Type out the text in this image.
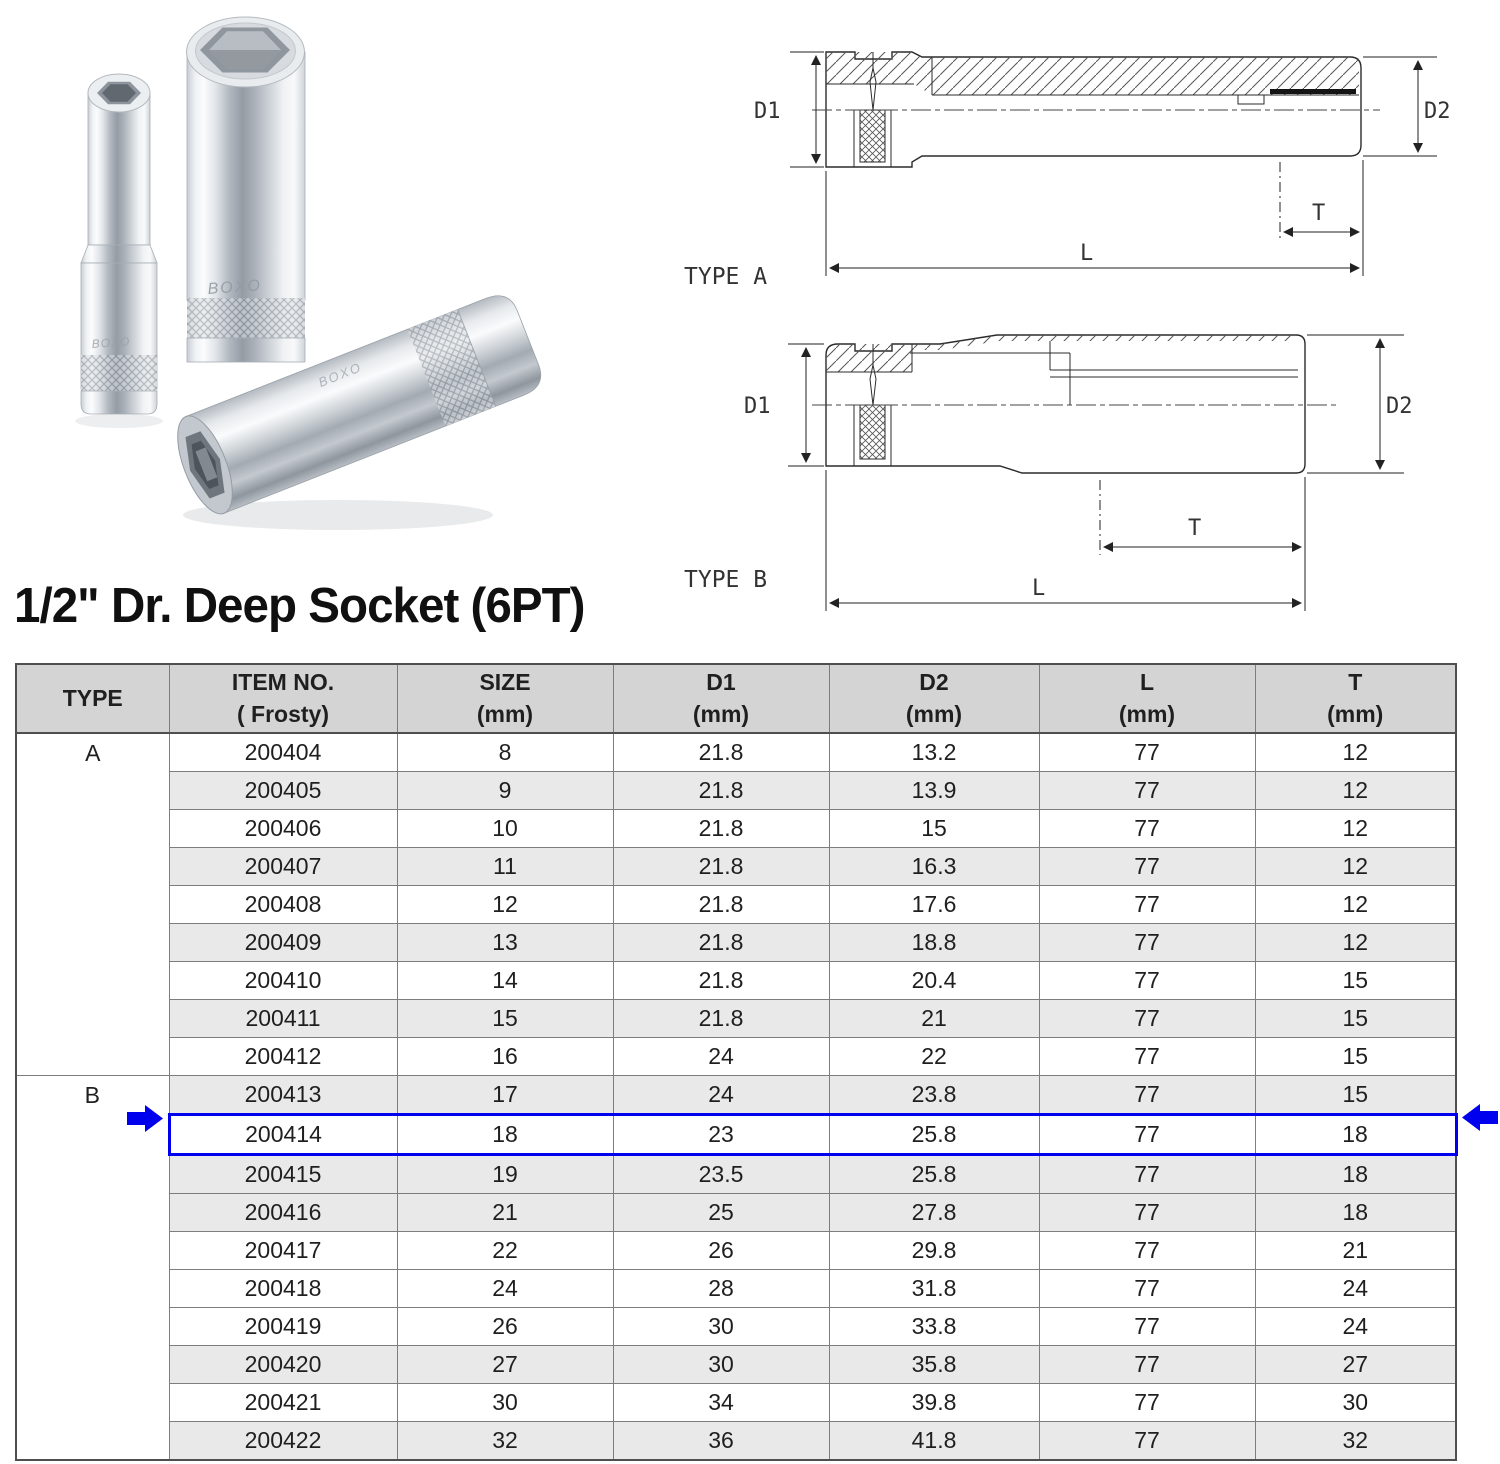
BOXO
BOXO
BOXO
D1	D2
T
L
TYPE A
D1	D2
T
L
TYPE B
1/2" Dr. Deep Socket (6PT)
TYPE

ITEM NO.
( Frosty)

SIZE
(mm)

D1
(mm)

D2
(mm)

L
(mm)

T
(mm)

A	200404	8	21.8	13.2	77	12
	200405	9	21.8	13.9	77	12
	200406	10	21.8	15	77	12
	200407	11	21.8	16.3	77	12
	200408	12	21.8	17.6	77	12
	200409	13	21.8	18.8	77	12
	200410	14	21.8	20.4	77	15
	200411	15	21.8	21	77	15
	200412	16	24	22	77	15
B	200413	17	24	23.8	77	15
	200414	18	23	25.8	77	18
	200415	19	23.5	25.8	77	18
	200416	21	25	27.8	77	18
	200417	22	26	29.8	77	21
	200418	24	28	31.8	77	24
	200419	26	30	33.8	77	24
	200420	27	30	35.8	77	27
	200421	30	34	39.8	77	30
	200422	32	36	41.8	77	32
